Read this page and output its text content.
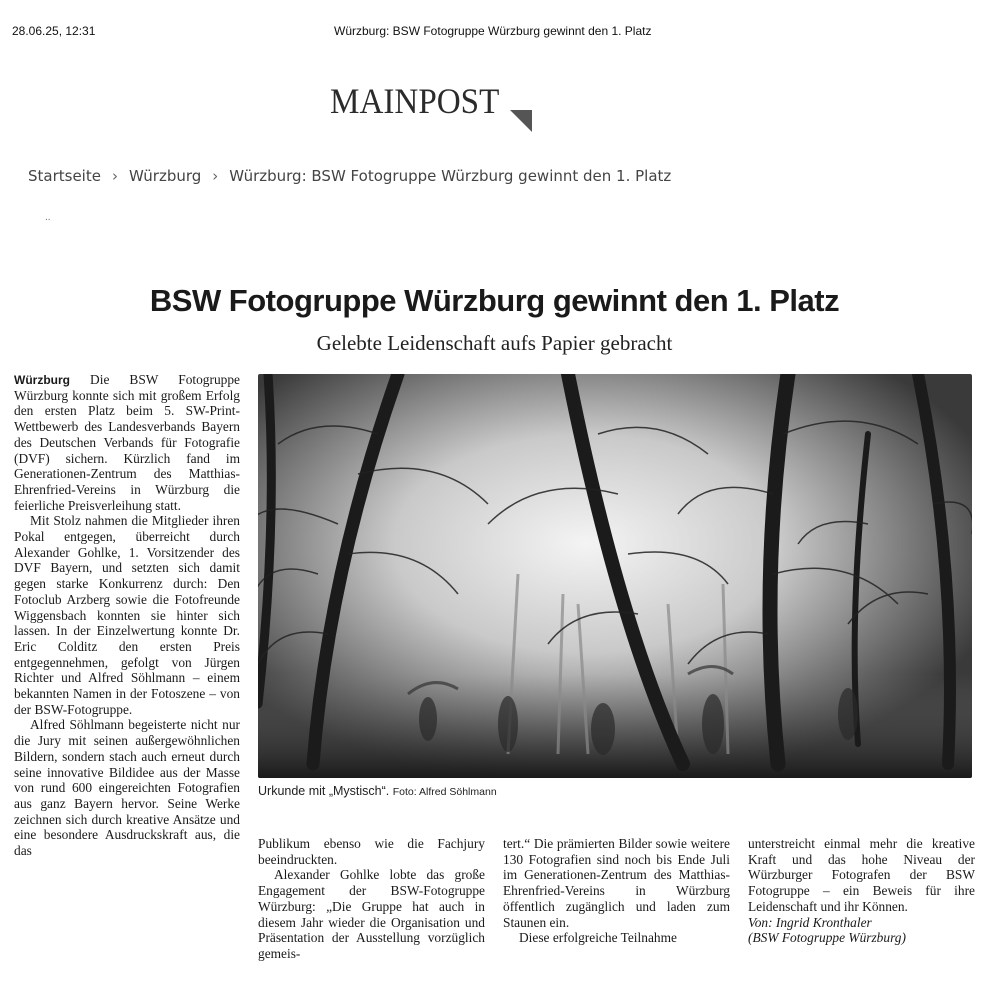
28.06.25, 12:31	Würzburg: BSW Fotogruppe Würzburg gewinnt den 1. Platz
MAINPOST
Startseite › Würzburg › Würzburg: BSW Fotogruppe Würzburg gewinnt den 1. Platz
..
BSW Fotogruppe Würzburg gewinnt den 1. Platz
Gelebte Leidenschaft aufs Papier gebracht

Würzburg Die BSW Fotogruppe Würzburg konnte sich mit großem Erfolg den ersten Platz beim 5. SW-Print-Wettbewerb des Landesverbands Bayern des Deutschen Verbands für Fotografie (DVF) sichern. Kürzlich fand im Generationen-Zentrum des Matthias-Ehrenfried-Vereins in Würzburg die feierliche Preisverleihung statt.

Mit Stolz nahmen die Mitglieder ihren Pokal entgegen, überreicht durch Alexander Gohlke, 1. Vorsitzender des DVF Bayern, und setzten sich damit gegen starke Konkurrenz durch: Den Fotoclub Arzberg sowie die Fotofreunde Wiggensbach konnten sie hinter sich lassen. In der Einzelwertung konnte Dr. Eric Colditz den ersten Preis entgegennehmen, gefolgt von Jürgen Richter und Alfred Söhlmann – einem bekannten Namen in der Fotoszene – von der BSW-Fotogruppe.

Alfred Söhlmann begeisterte nicht nur die Jury mit seinen außergewöhnlichen Bildern, sondern stach auch erneut durch seine innovative Bildidee aus der Masse von rund 600 eingereichten Fotografien aus ganz Bayern hervor. Seine Werke zeichnen sich durch kreative Ansätze und eine besondere Ausdruckskraft aus, die das

Urkunde mit „Mystisch“. Foto: Alfred Söhlmann

Publikum ebenso wie die Fachjury beeindruckten.

Alexander Gohlke lobte das große Engagement der BSW-Fotogruppe Würzburg: „Die Gruppe hat auch in diesem Jahr wieder die Organisation und Präsentation der Ausstellung vorzüglich gemeis-

tert.“ Die prämierten Bilder sowie weitere 130 Fotografien sind noch bis Ende Juli im Generationen-Zentrum des Matthias-Ehrenfried-Vereins in Würzburg öffentlich zugänglich und laden zum Staunen ein.

Diese erfolgreiche Teilnahme

unterstreicht einmal mehr die kreative Kraft und das hohe Niveau der Würzburger Fotografen der BSW Fotogruppe – ein Beweis für ihre Leidenschaft und ihr Können.

Von: Ingrid Kronthaler

(BSW Fotogruppe Würzburg)
